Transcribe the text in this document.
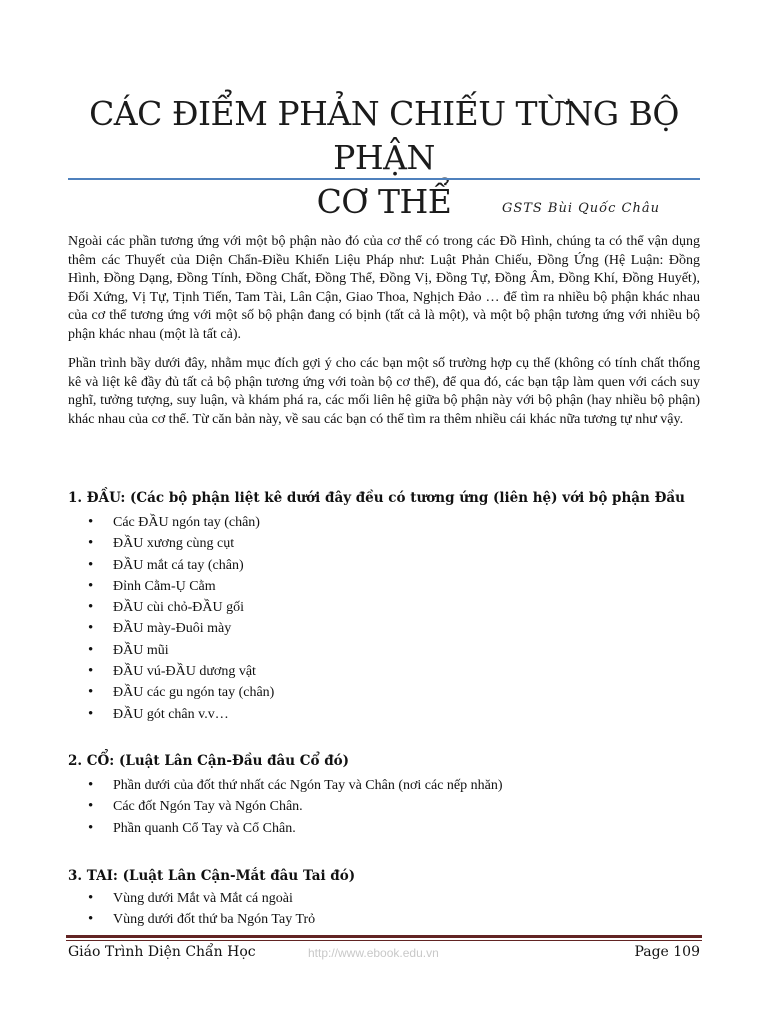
CÁC ĐIỂM PHẢN CHIẾU TỪNG BỘ PHẬN
CƠ THỂ	GSTS Bùi Quốc Châu

Ngoài các phần tương ứng với một bộ phận nào đó của cơ thể có trong các Đồ Hình, chúng ta có thể vận dụng thêm các Thuyết của Diện Chẩn-Điều Khiển Liệu Pháp như: Luật Phản Chiếu, Đồng Ứng (Hệ Luận: Đồng Hình, Đồng Dạng, Đồng Tính, Đồng Chất, Đồng Thể, Đồng Vị, Đồng Tự, Đồng Âm, Đồng Khí, Đồng Huyết), Đối Xứng, Vị Tự, Tịnh Tiến, Tam Tài, Lân Cận, Giao Thoa, Nghịch Đảo … để tìm ra nhiều bộ phận khác nhau của cơ thể tương ứng với một số bộ phận đang có bịnh (tất cả là một), và một bộ phận tương ứng với nhiều bộ phận khác nhau (một là tất cả).

Phần trình bầy dưới đây, nhằm mục đích gợi ý cho các bạn một số trường hợp cụ thể (không có tính chất thống kê và liệt kê đầy đủ tất cả bộ phận tương ứng với toàn bộ cơ thể), để qua đó, các bạn tập làm quen với cách suy nghĩ, tưởng tượng, suy luận, và khám phá ra, các mối liên hệ giữa bộ phận này với bộ phận (hay nhiều bộ phận) khác nhau của cơ thể. Từ căn bản này, về sau các bạn có thể tìm ra thêm nhiều cái khác nữa tương tự như vậy.

1. ĐẦU: (Các bộ phận liệt kê dưới đây đều có tương ứng (liên hệ) với bộ phận Đầu
• Các ĐẦU ngón tay (chân)
• ĐẦU xương cùng cụt
• ĐẦU mắt cá tay (chân)
• Đỉnh Cằm-Ụ Cằm
• ĐẦU cùi chỏ-ĐẦU gối
• ĐẦU mày-Đuôi mày
• ĐẦU mũi
• ĐẦU vú-ĐẦU dương vật
• ĐẦU các gu ngón tay (chân)
• ĐẦU gót chân v.v…
2. CỔ: (Luật Lân Cận-Đầu đâu Cổ đó)
• Phần dưới của đốt thứ nhất các Ngón Tay và Chân (nơi các nếp nhăn)
• Các đốt Ngón Tay và Ngón Chân.
• Phần quanh Cổ Tay và Cổ Chân.
3. TAI: (Luật Lân Cận-Mắt đâu Tai đó)
• Vùng dưới Mắt và Mắt cá ngoài
• Vùng dưới đốt thứ ba Ngón Tay Trỏ
Giáo Trình Diện Chẩn Học	http://www.ebook.edu.vn	Page 109
